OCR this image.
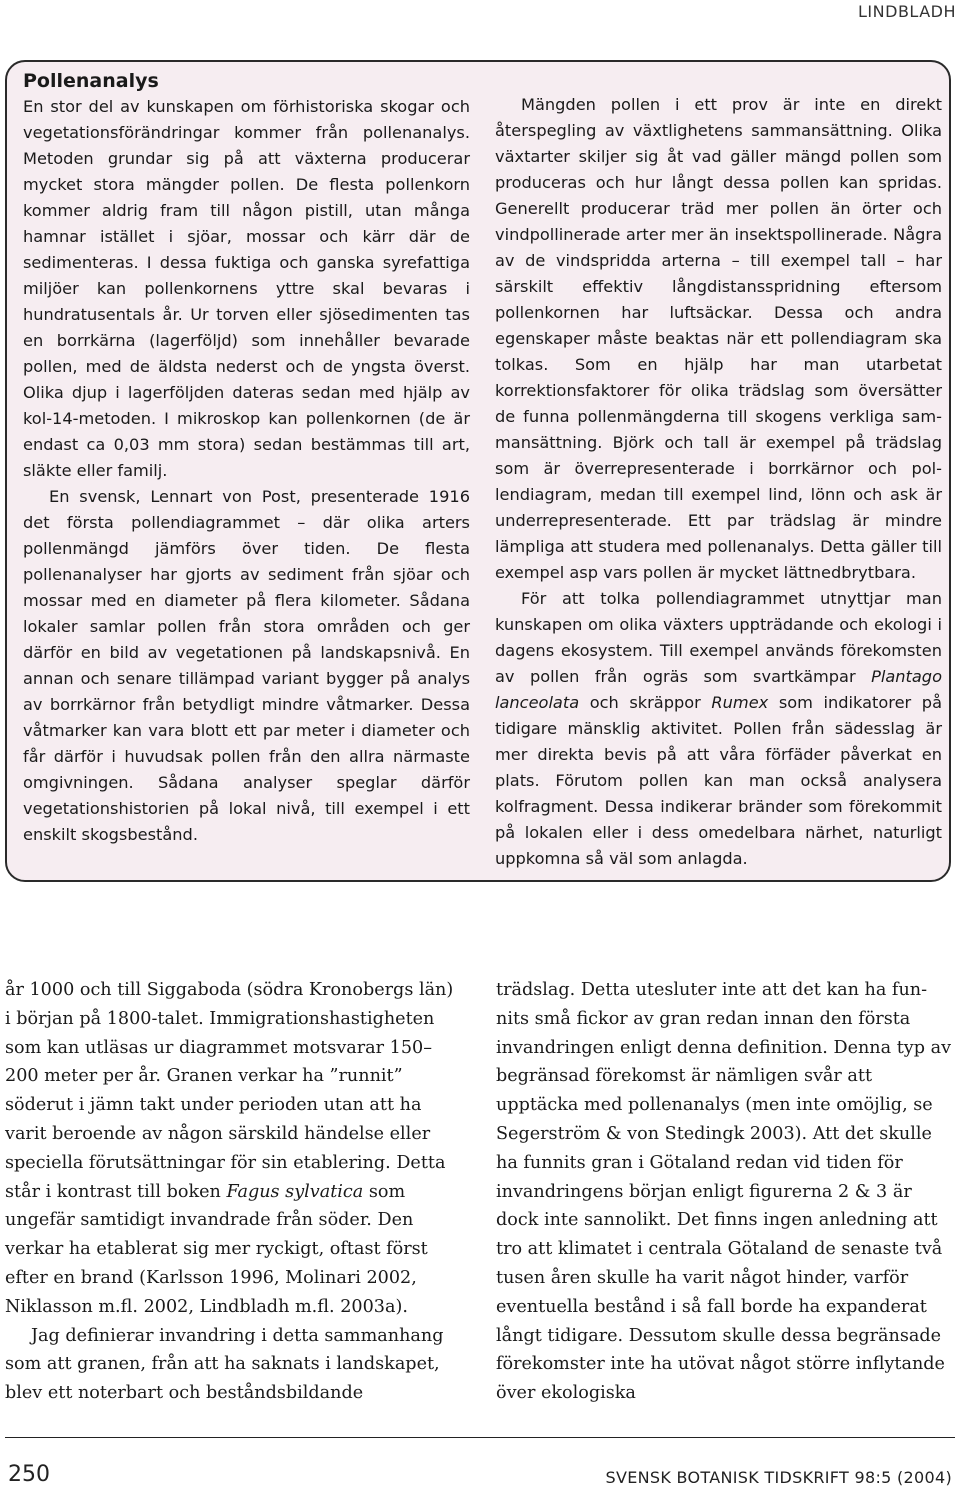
LINDBLADH
Pollenanalys

En stor del av kunskapen om förhistoriska skogar och vegetationsförändringar kommer från pollenanalys. Metoden grundar sig på att växterna producerar mycket stora mängder pollen. De flesta pollenkorn kommer aldrig fram till någon pistill, utan många hamnar istället i sjöar, mossar och kärr där de sedimenteras. I dessa fuktiga och ganska syrefattiga miljöer kan pollenkornens yttre skal bevaras i hundratusentals år. Ur torven eller sjösedimenten tas en borrkärna (lagerföljd) som innehåller bevarade pollen, med de äldsta nederst och de yngsta överst. Olika djup i lagerföljden dateras sedan med hjälp av kol-14-metoden. I mikroskop kan pollenkornen (de är endast ca 0,03 mm stora) sedan bestämmas till art, släkte eller familj.

En svensk, Lennart von Post, presenterade 1916 det första pollendiagrammet – där olika arters pollenmängd jämförs över tiden. De flesta pollenanalyser har gjorts av sediment från sjöar och mossar med en diameter på flera kilometer. Sådana lokaler samlar pollen från stora områden och ger därför en bild av vegetationen på landskapsnivå. En annan och senare tillämpad variant bygger på analys av borrkärnor från betydligt mindre våtmarker. Dessa våtmarker kan vara blott ett par meter i diameter och får därför i huvudsak pollen från den allra närmaste omgivningen. Sådana analyser speglar därför vegetationshistorien på lokal nivå, till exempel i ett enskilt skogsbestånd.

Mängden pollen i ett prov är inte en direkt återspegling av växtlighetens sammansättning. Olika växtarter skiljer sig åt vad gäller mängd pollen som produceras och hur långt dessa pollen kan spridas. Generellt producerar träd mer pollen än örter och vindpollinerade arter mer än insektspollinerade. Några av de vindspridda arterna – till exempel tall – har särskilt effektiv långdistansspridning eftersom pollenkornen har luftsäckar. Dessa och andra egenskaper måste beaktas när ett pollendiagram ska tolkas. Som en hjälp har man utarbetat korrektionsfaktorer för olika trädslag som översätter de funna pollenmängderna till skogens verkliga sammansättning. Björk och tall är exempel på trädslag som är överrepresenterade i borrkärnor och pollendiagram, medan till exempel lind, lönn och ask är underrepresenterade. Ett par trädslag är mindre lämpliga att studera med pollenanalys. Detta gäller till exempel asp vars pollen är mycket lättnedbrytbara.

För att tolka pollendiagrammet utnyttjar man kunskapen om olika växters uppträdande och ekologi i dagens ekosystem. Till exempel används förekomsten av pollen från ogräs som svartkämpar Plantago lanceolata och skräppor Rumex som indikatorer på tidigare mänsklig aktivitet. Pollen från sädesslag är mer direkta bevis på att våra förfäder påverkat en plats. Förutom pollen kan man också analysera kolfragment. Dessa indikerar bränder som förekommit på lokalen eller i dess omedelbara närhet, naturligt uppkomna så väl som anlagda.

år 1000 och till Siggaboda (södra Kronobergs län) i början på 1800-talet. Immigrationshastigheten som kan utläsas ur diagrammet motsvarar 150–200 meter per år. Granen verkar ha ”runnit” söderut i jämn takt under perioden utan att ha varit beroende av någon särskild händelse eller speciella förutsättningar för sin etablering. Detta står i kontrast till boken Fagus sylvatica som ungefär samtidigt invandrade från söder. Den verkar ha etablerat sig mer ryckigt, oftast först efter en brand (Karlsson 1996, Molinari 2002, Niklasson m.fl. 2002, Lindbladh m.fl. 2003a).

Jag definierar invandring i detta sammanhang som att granen, från att ha saknats i landskapet, blev ett noterbart och beståndsbildande

trädslag. Detta utesluter inte att det kan ha funnits små fickor av gran redan innan den första invandringen enligt denna definition. Denna typ av begränsad förekomst är nämligen svår att upptäcka med pollenanalys (men inte omöjlig, se Segerström & von Stedingk 2003). Att det skulle ha funnits gran i Götaland redan vid tiden för invandringens början enligt figurerna 2 & 3 är dock inte sannolikt. Det finns ingen anledning att tro att klimatet i centrala Götaland de senaste två tusen åren skulle ha varit något hinder, varför eventuella bestånd i så fall borde ha expanderat långt tidigare. Dessutom skulle dessa begränsade förekomster inte ha utövat något större inflytande över ekologiska

250	SVENSK BOTANISK TIDSKRIFT 98:5 (2004)
